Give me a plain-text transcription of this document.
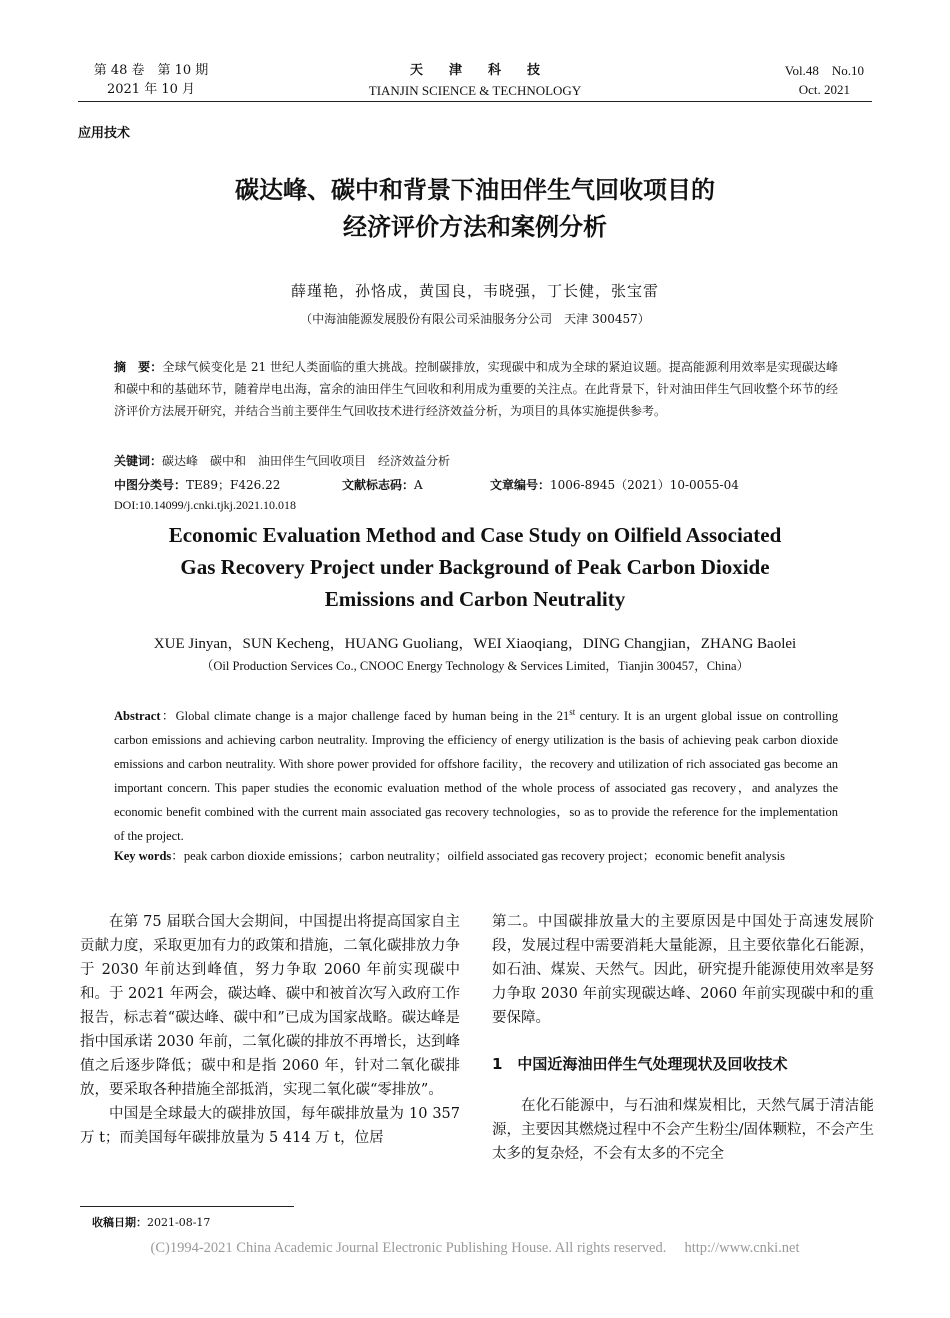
第 48 卷　第 10 期
2021 年 10 月
天津科技
TIANJIN SCIENCE & TECHNOLOGY
Vol.48　No.10
Oct. 2021
应用技术
碳达峰、碳中和背景下油田伴生气回收项目的
经济评价方法和案例分析
薛瑾艳，孙恪成，黄国良，韦晓强，丁长健，张宝雷
（中海油能源发展股份有限公司采油服务分公司　天津 300457）
摘　要：全球气候变化是 21 世纪人类面临的重大挑战。控制碳排放，实现碳中和成为全球的紧迫议题。提高能源利用效率是实现碳达峰和碳中和的基础环节，随着岸电出海，富余的油田伴生气回收和利用成为重要的关注点。在此背景下，针对油田伴生气回收整个环节的经济评价方法展开研究，并结合当前主要伴生气回收技术进行经济效益分析，为项目的具体实施提供参考。
关键词：碳达峰　碳中和　油田伴生气回收项目　经济效益分析
中图分类号：TE89；F426.22	文献标志码：A	文章编号：1006-8945（2021）10-0055-04
DOI:10.14099/j.cnki.tjkj.2021.10.018
Economic Evaluation Method and Case Study on Oilfield Associated
Gas Recovery Project under Background of Peak Carbon Dioxide
Emissions and Carbon Neutrality
XUE Jinyan，SUN Kecheng，HUANG Guoliang，WEI Xiaoqiang，DING Changjian，ZHANG Baolei
（Oil Production Services Co., CNOOC Energy Technology & Services Limited，Tianjin 300457，China）
Abstract：Global climate change is a major challenge faced by human being in the 21st century. It is an urgent global issue on controlling carbon emissions and achieving carbon neutrality. Improving the efficiency of energy utilization is the basis of achieving peak carbon dioxide emissions and carbon neutrality. With shore power provided for offshore facility，the recovery and utilization of rich associated gas become an important concern. This paper studies the economic evaluation method of the whole process of associated gas recovery，and analyzes the economic benefit combined with the current main associated gas recovery technologies，so as to provide the reference for the implementation of the project.
Key words：peak carbon dioxide emissions；carbon neutrality；oilfield associated gas recovery project；economic benefit analysis

在第 75 届联合国大会期间，中国提出将提高国家自主贡献力度，采取更加有力的政策和措施，二氧化碳排放力争于 2030 年前达到峰值，努力争取 2060 年前实现碳中和。于 2021 年两会，碳达峰、碳中和被首次写入政府工作报告，标志着“碳达峰、碳中和”已成为国家战略。碳达峰是指中国承诺 2030 年前，二氧化碳的排放不再增长，达到峰值之后逐步降低；碳中和是指 2060 年，针对二氧化碳排放，要采取各种措施全部抵消，实现二氧化碳“零排放”。

中国是全球最大的碳排放国，每年碳排放量为 10 357 万 t；而美国每年碳排放量为 5 414 万 t，位居

第二。中国碳排放量大的主要原因是中国处于高速发展阶段，发展过程中需要消耗大量能源，且主要依靠化石能源，如石油、煤炭、天然气。因此，研究提升能源使用效率是努力争取 2030 年前实现碳达峰、2060 年前实现碳中和的重要保障。

1　中国近海油田伴生气处理现状及回收技术

在化石能源中，与石油和煤炭相比，天然气属于清洁能源，主要因其燃烧过程中不会产生粉尘/固体颗粒，不会产生太多的复杂烃，不会有太多的不完全

收稿日期：2021-08-17
(C)1994-2021 China Academic Journal Electronic Publishing House. All rights reserved.　 http://www.cnki.net
